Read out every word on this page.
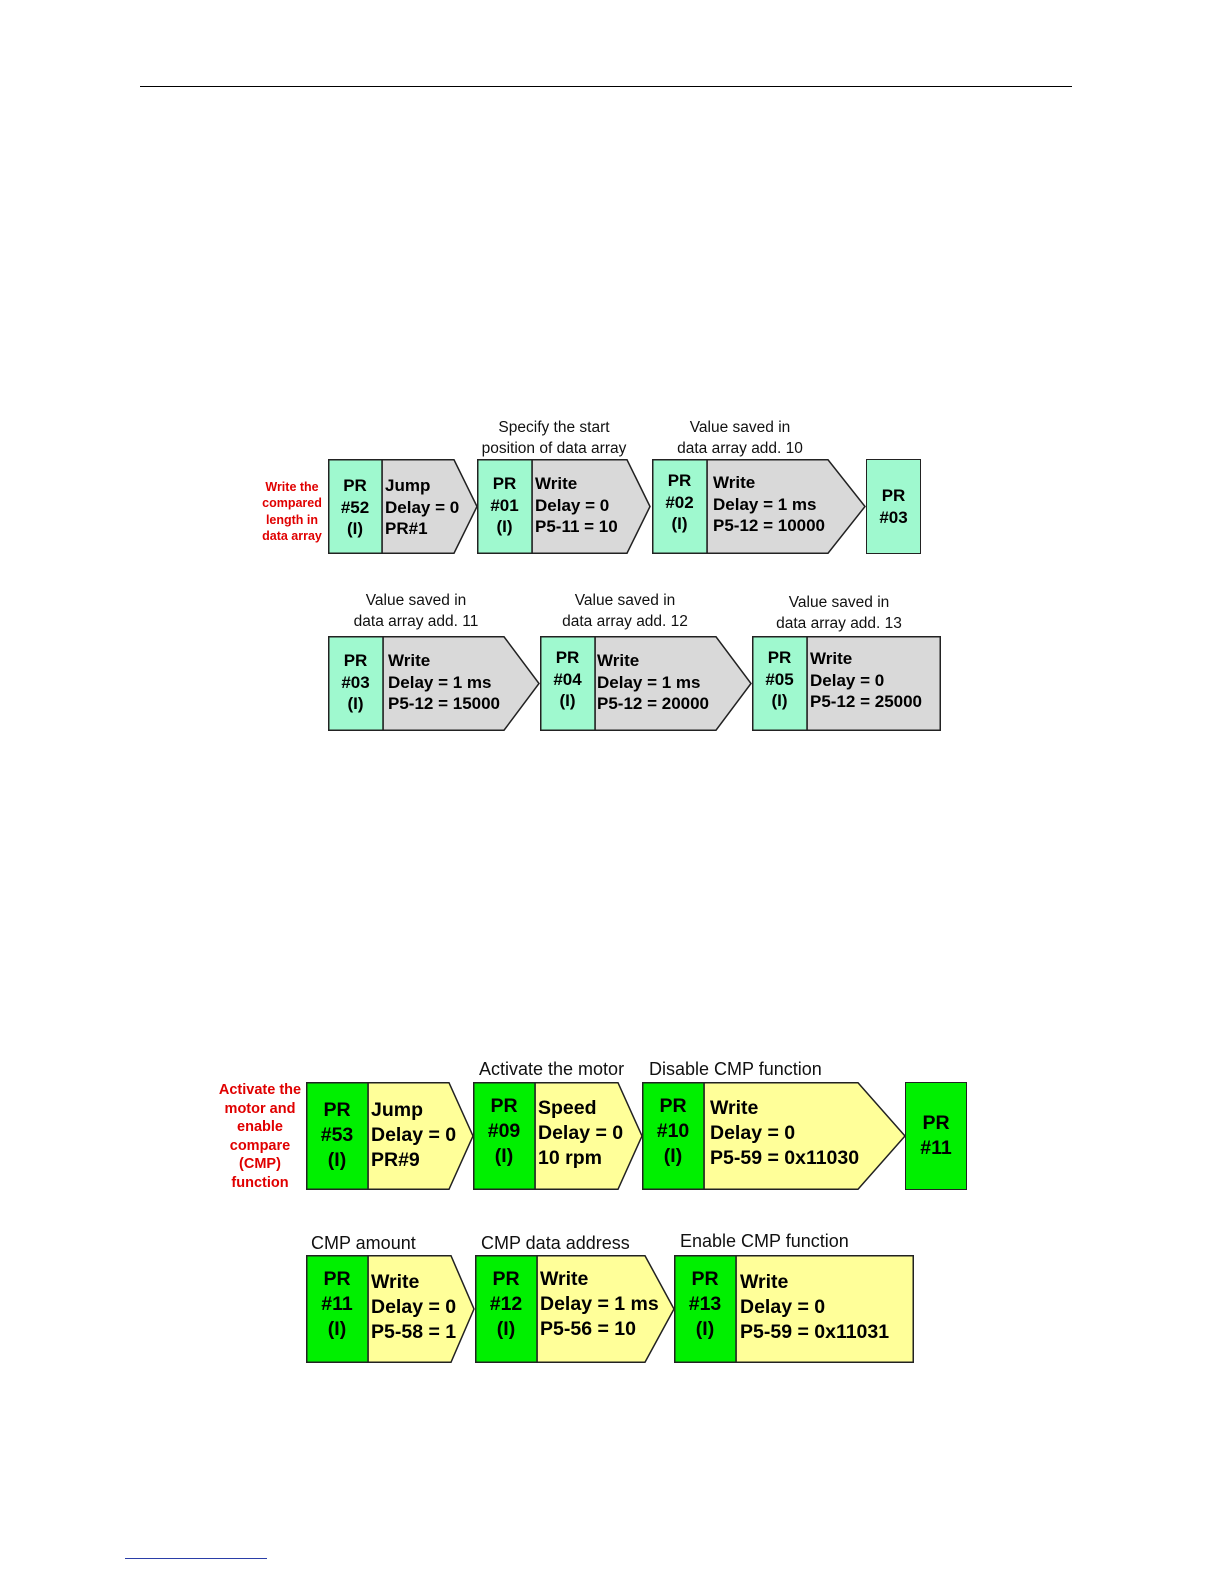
Write the
compared
length in
data array
Specify the start
position of data array
Value saved in
data array add. 10
Value saved in
data array add. 11
Value saved in
data array add. 12
Value saved in
data array add. 13
PR
#52
(I)
Jump
Delay = 0
PR#1
PR
#01
(I)
Write
Delay = 0
P5-11 = 10
PR
#02
(I)
Write
Delay = 1 ms
P5-12 = 10000
PR
#03
PR
#03
(I)
Write
Delay = 1 ms
P5-12 = 15000
PR
#04
(I)
Write
Delay = 1 ms
P5-12 = 20000
PR
#05
(I)
Write
Delay = 0
P5-12 = 25000
Activate the
motor and
enable
compare
(CMP)
function
Activate the motor Disable CMP function
CMP amount	CMP data address	Enable CMP function
PR
#53
(I)
Jump
Delay = 0
PR#9
PR
#09
(I)
Speed
Delay = 0
10 rpm
PR
#10
(I)
Write
Delay = 0
P5-59 = 0x11030
PR
#11
PR
#11
(I)
Write
Delay = 0
P5-58 = 1
PR
#12
(I)
Write
Delay = 1 ms
P5-56 = 10
PR
#13
(I)
Write
Delay = 0
P5-59 = 0x11031
